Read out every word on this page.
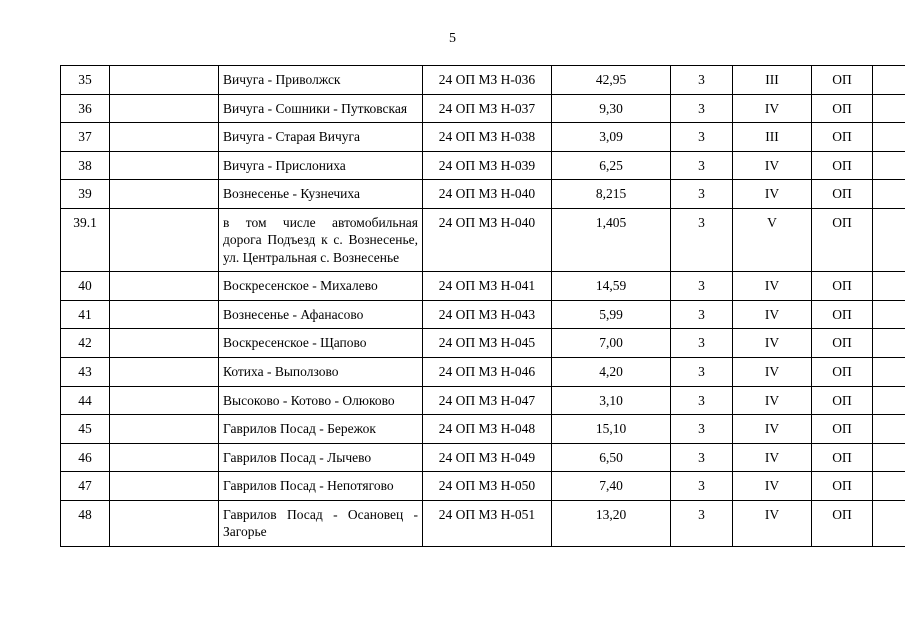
5
35		Вичуга - Приволжск	24 ОП МЗ Н-036	42,95	3	III	ОП	
36		Вичуга - Сошники - Путковская	24 ОП МЗ Н-037	9,30	3	IV	ОП	
37		Вичуга - Старая Вичуга	24 ОП МЗ Н-038	3,09	3	III	ОП	
38		Вичуга - Прислониха	24 ОП МЗ Н-039	6,25	3	IV	ОП	
39		Вознесенье - Кузнечиха	24 ОП МЗ Н-040	8,215	3	IV	ОП	
39.1		в том числе автомобильная дорога Подъезд к с. Вознесенье, ул. Центральная с. Вознесенье	24 ОП МЗ Н-040	1,405	3	V	ОП	
40		Воскресенское - Михалево	24 ОП МЗ Н-041	14,59	3	IV	ОП	
41		Вознесенье - Афанасово	24 ОП МЗ Н-043	5,99	3	IV	ОП	
42		Воскресенское - Щапово	24 ОП МЗ Н-045	7,00	3	IV	ОП	
43		Котиха - Выползово	24 ОП МЗ Н-046	4,20	3	IV	ОП	
44		Высоково - Котово - Олюково	24 ОП МЗ Н-047	3,10	3	IV	ОП	
45		Гаврилов Посад - Бережок	24 ОП МЗ Н-048	15,10	3	IV	ОП	
46		Гаврилов Посад - Лычево	24 ОП МЗ Н-049	6,50	3	IV	ОП	
47		Гаврилов Посад - Непотягово	24 ОП МЗ Н-050	7,40	3	IV	ОП	
48		Гаврилов Посад - Осановец - Загорье	24 ОП МЗ Н-051	13,20	3	IV	ОП	
